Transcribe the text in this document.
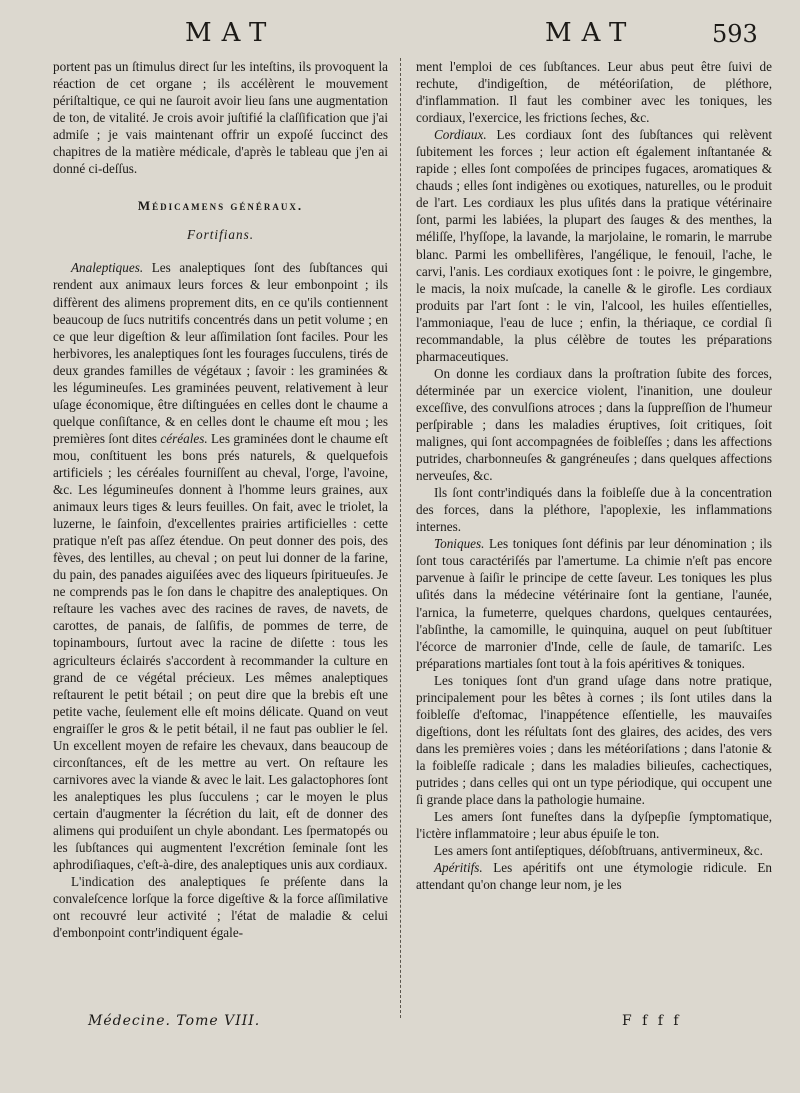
MAT	MAT	593

portent pas un ſtimulus direct ſur les inteſtins, ils provoquent la réaction de cet organe ; ils accélèrent le mouvement périſtaltique, ce qui ne ſauroit avoir lieu ſans une augmentation de ton, de vitalité. Je crois avoir juſtifié la claſſification que j'ai admiſe ; je vais maintenant offrir un expoſé ſuccinct des chapitres de la matière médicale, d'après le tableau que j'en ai donné ci-deſſus.

Médicamens généraux.
Fortifians.

Analeptiques. Les analeptiques ſont des ſubſtances qui rendent aux animaux leurs forces & leur embonpoint ; ils diffèrent des alimens proprement dits, en ce qu'ils contiennent beaucoup de ſucs nutritifs concentrés dans un petit volume ; en ce que leur digeſtion & leur aſſimilation ſont faciles. Pour les herbivores, les analeptiques ſont les fourages ſucculens, tirés de deux grandes familles de végétaux ; ſavoir : les graminées & les légumineuſes. Les graminées peuvent, relativement à leur uſage économique, être diſtinguées en celles dont le chaume a quelque conſiſtance, & en celles dont le chaume eſt mou ; les premières ſont dites céréales. Les graminées dont le chaume eſt mou, conſtituent les bons prés naturels, & quelquefois artificiels ; les céréales fourniſſent au cheval, l'orge, l'avoine, &c. Les légumineuſes donnent à l'homme leurs graines, aux animaux leurs tiges & leurs feuilles. On fait, avec le triolet, la luzerne, le ſainfoin, d'excellentes prairies artificielles : cette pratique n'eſt pas aſſez étendue. On peut donner des pois, des fèves, des lentilles, au cheval ; on peut lui donner de la farine, du pain, des panades aiguiſées avec des liqueurs ſpiritueuſes. Je ne comprends pas le ſon dans le chapitre des analeptiques. On reſtaure les vaches avec des racines de raves, de navets, de carottes, de panais, de ſalſifis, de pommes de terre, de topinambours, ſurtout avec la racine de diſette : tous les agriculteurs éclairés s'accordent à recommander la culture en grand de ce végétal précieux. Les mêmes analeptiques reſtaurent le petit bétail ; on peut dire que la brebis eſt une petite vache, ſeulement elle eſt moins délicate. Quand on veut engraiſſer le gros & le petit bétail, il ne faut pas oublier le ſel. Un excellent moyen de refaire les chevaux, dans beaucoup de circonſtances, eſt de les mettre au vert. On reſtaure les carnivores avec la viande & avec le lait. Les galactophores ſont les analeptiques les plus ſucculens ; car le moyen le plus certain d'augmenter la ſécrétion du lait, eſt de donner des alimens qui produiſent un chyle abondant. Les ſpermatopés ou les ſubſtances qui augmentent l'excrétion ſeminale ſont les aphrodiſiaques, c'eſt-à-dire, des analeptiques unis aux cordiaux.

L'indication des analeptiques ſe préſente dans la convaleſcence lorſque la force digeſtive & la force aſſimilative ont recouvré leur activité ; l'état de maladie & celui d'embonpoint contr'indiquent égale-

ment l'emploi de ces ſubſtances. Leur abus peut être ſuivi de rechute, d'indigeſtion, de météoriſation, de pléthore, d'inflammation. Il faut les combiner avec les toniques, les cordiaux, l'exercice, les frictions ſeches, &c.

Cordiaux. Les cordiaux ſont des ſubſtances qui relèvent ſubitement les forces ; leur action eſt également inſtantanée & rapide ; elles ſont compoſées de principes fugaces, aromatiques & chauds ; elles ſont indigènes ou exotiques, naturelles, ou le produit de l'art. Les cordiaux les plus uſités dans la pratique vétérinaire ſont, parmi les labiées, la plupart des ſauges & des menthes, la méliſſe, l'hyſſope, la lavande, la marjolaine, le romarin, le marrube blanc. Parmi les ombellifères, l'angélique, le fenouil, l'ache, le carvi, l'anis. Les cordiaux exotiques ſont : le poivre, le gingembre, le macis, la noix muſcade, la canelle & le girofle. Les cordiaux produits par l'art ſont : le vin, l'alcool, les huiles eſſentielles, l'ammoniaque, l'eau de luce ; enfin, la thériaque, ce cordial ſi recommandable, la plus célèbre de toutes les préparations pharmaceutiques.

On donne les cordiaux dans la proſtration ſubite des forces, déterminée par un exercice violent, l'inanition, une douleur exceſſive, des convulſions atroces ; dans la ſuppreſſion de l'humeur perſpirable ; dans les maladies éruptives, ſoit critiques, ſoit malignes, qui ſont accompagnées de foibleſſes ; dans les affections putrides, charbonneuſes & gangréneuſes ; dans quelques affections nerveuſes, &c.

Ils ſont contr'indiqués dans la foibleſſe due à la concentration des forces, dans la pléthore, l'apoplexie, les inflammations internes.

Toniques. Les toniques ſont définis par leur dénomination ; ils ſont tous caractériſés par l'amertume. La chimie n'eſt pas encore parvenue à ſaiſir le principe de cette ſaveur. Les toniques les plus uſités dans la médecine vétérinaire ſont la gentiane, l'aunée, l'arnica, la fumeterre, quelques chardons, quelques centaurées, l'abſinthe, la camomille, le quinquina, auquel on peut ſubſtituer l'écorce de marronier d'Inde, celle de ſaule, de tamariſc. Les préparations martiales ſont tout à la fois apéritives & toniques.

Les toniques ſont d'un grand uſage dans notre pratique, principalement pour les bêtes à cornes ; ils ſont utiles dans la foibleſſe d'eſtomac, l'inappétence eſſentielle, les mauvaiſes digeſtions, dont les réſultats ſont des glaires, des acides, des vers dans les premières voies ; dans les météoriſations ; dans l'atonie & la foibleſſe radicale ; dans les maladies bilieuſes, cachectiques, putrides ; dans celles qui ont un type périodique, qui occupent une ſi grande place dans la pathologie humaine.

Les amers ſont funeſtes dans la dyſpepſie ſymptomatique, l'ictère inflammatoire ; leur abus épuiſe le ton.

Les amers ſont antiſeptiques, déſobſtruans, antivermineux, &c.

Apéritifs. Les apéritifs ont une étymologie ridicule. En attendant qu'on change leur nom, je les

Médecine. Tome VIII.	F f f f
